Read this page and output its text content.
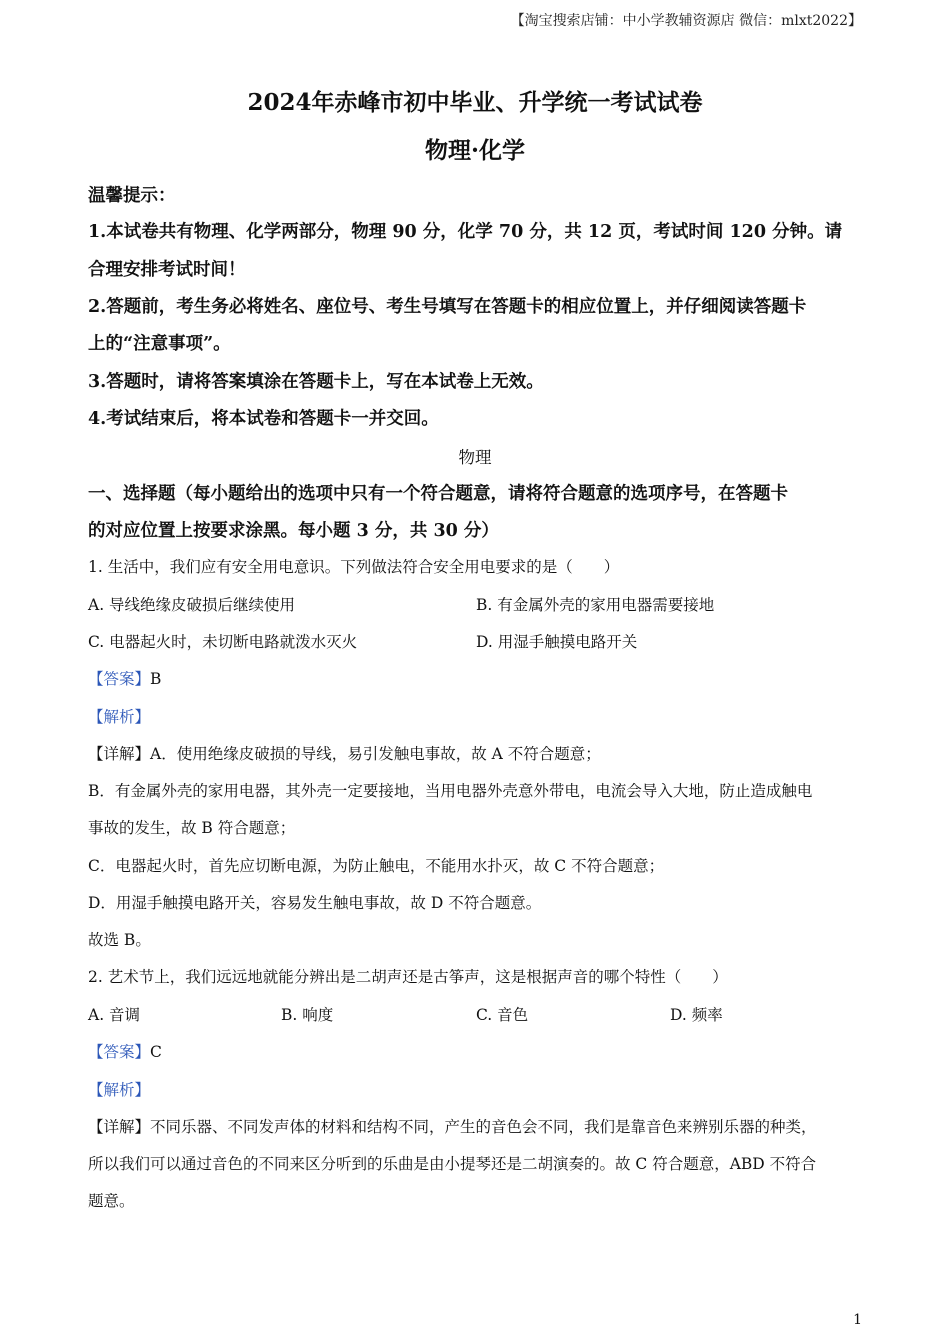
【淘宝搜索店铺：中小学教辅资源店 微信：mlxt2022】
2024年赤峰市初中毕业、升学统一考试试卷
物理·化学
温馨提示：
1.本试卷共有物理、化学两部分，物理 90 分，化学 70 分，共 12 页，考试时间 120 分钟。请
合理安排考试时间！
2.答题前，考生务必将姓名、座位号、考生号填写在答题卡的相应位置上，并仔细阅读答题卡
上的“注意事项”。
3.答题时，请将答案填涂在答题卡上，写在本试卷上无效。
4.考试结束后，将本试卷和答题卡一并交回。
物理
一、选择题（每小题给出的选项中只有一个符合题意，请将符合题意的选项序号，在答题卡
的对应位置上按要求涂黑。每小题 3 分，共 30 分）
1. 生活中，我们应有安全用电意识。下列做法符合安全用电要求的是（　　）
A. 导线绝缘皮破损后继续使用	B. 有金属外壳的家用电器需要接地
C. 电器起火时，未切断电路就泼水灭火	D. 用湿手触摸电路开关
【答案】B
【解析】
【详解】A．使用绝缘皮破损的导线，易引发触电事故，故 A 不符合题意；
B．有金属外壳的家用电器，其外壳一定要接地，当用电器外壳意外带电，电流会导入大地，防止造成触电
事故的发生，故 B 符合题意；
C．电器起火时，首先应切断电源，为防止触电，不能用水扑灭，故 C 不符合题意；
D．用湿手触摸电路开关，容易发生触电事故，故 D 不符合题意。
故选 B。
2. 艺术节上，我们远远地就能分辨出是二胡声还是古筝声，这是根据声音的哪个特性（　　）
A. 音调	B. 响度	C. 音色	D. 频率
【答案】C
【解析】
【详解】不同乐器、不同发声体的材料和结构不同，产生的音色会不同，我们是靠音色来辨别乐器的种类，
所以我们可以通过音色的不同来区分听到的乐曲是由小提琴还是二胡演奏的。故 C 符合题意，ABD 不符合
题意。
1
